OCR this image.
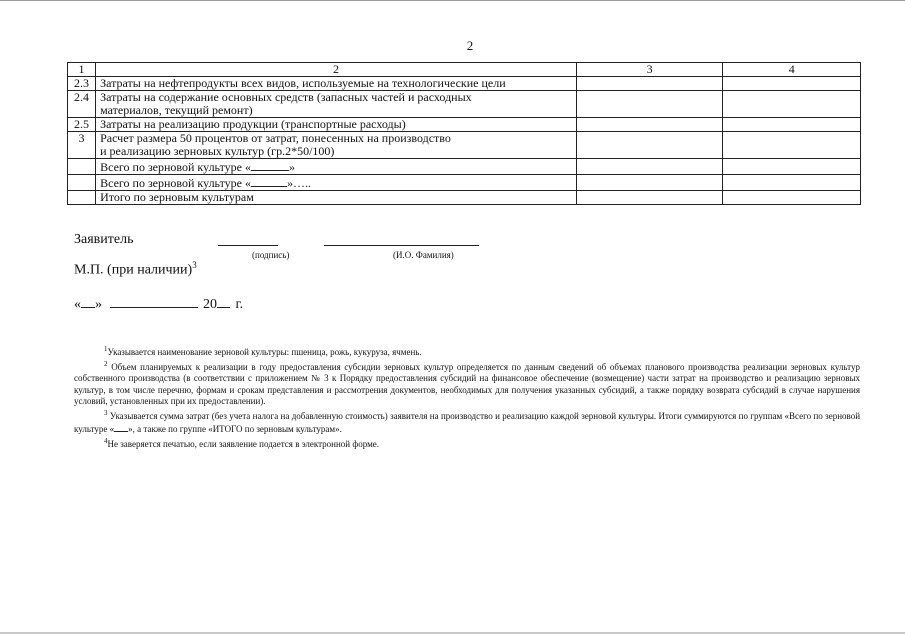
2
1	2	3	4
2.3	Затраты на нефтепродукты всех видов, используемые на технологические цели		
2.4	Затраты на содержание основных средств (запасных частей и расходных
материалов, текущий ремонт)		
2.5	Затраты на реализацию продукции (транспортные расходы)		
3	Расчет размера 50 процентов от затрат, понесенных на производство
и реализацию зерновых культур (гр.2*50/100)		
	Всего по зерновой культуре « »		
	Всего по зерновой культуре « »…..		
	Итого по зерновым культурам		
Заявитель
(подпись)	(И.О. Фамилия)
М.П. (при наличии)$^3$
« »	20 г.

$^1$Указывается наименование зерновой культуры: пшеница, рожь, кукуруза, ячмень.

$^2$ Объем планируемых к реализации в году предоставления субсидии зерновых культур определяется по данным сведений об объемах планового производства реализации зерновых культур собственного производства (в соответствии с приложением № 3 к Порядку предоставления субсидий на финансовое обеспечение (возмещение) части затрат на производство и реализацию зерновых культур, в том числе перечню, формам и срокам представления и рассмотрения документов, необходимых для получения указанных субсидий, а также порядку возврата субсидий в случае нарушения условий, установленных при их предоставлении).

$^3$ Указывается сумма затрат (без учета налога на добавленную стоимость) заявителя на производство и реализацию каждой зерновой культуры. Итоги суммируются по группам «Всего по зерновой культуре « », а также по группе «ИТОГО по зерновым культурам».

$^4$Не заверяется печатью, если заявление подается в электронной форме.
